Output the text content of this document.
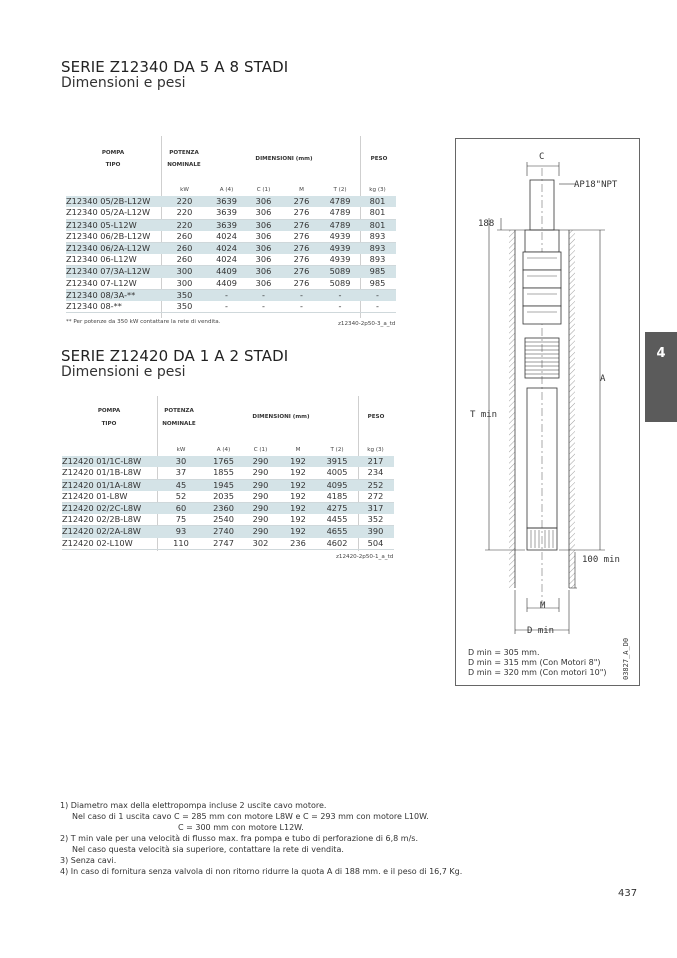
SERIE Z12340 DA 5 A 8 STADI
Dimensioni e pesi
POMPA
TIPO
POTENZA
NOMINALE
DIMENSIONI (mm)	PESO
	kW	A (4)	C (1)	M	T (2)	kg (3)
Z12340 05/2B-L12W	220	3639	306	276	4789	801
Z12340 05/2A-L12W	220	3639	306	276	4789	801
Z12340 05-L12W	220	3639	306	276	4789	801
Z12340 06/2B-L12W	260	4024	306	276	4939	893
Z12340 06/2A-L12W	260	4024	306	276	4939	893
Z12340 06-L12W	260	4024	306	276	4939	893
Z12340 07/3A-L12W	300	4409	306	276	5089	985
Z12340 07-L12W	300	4409	306	276	5089	985
Z12340 08/3A-**	350	-	-	-	-	-
Z12340 08-**	350	-	-	-	-	-
** Per potenze da 350 kW contattare la rete di vendita.	z12340-2p50-3_a_td
SERIE Z12420 DA 1 A 2 STADI
Dimensioni e pesi
POMPA
TIPO
POTENZA
NOMINALE
DIMENSIONI (mm)	PESO
	kW	A (4)	C (1)	M	T (2)	kg (3)
Z12420 01/1C-L8W	30	1765	290	192	3915	217
Z12420 01/1B-L8W	37	1855	290	192	4005	234
Z12420 01/1A-L8W	45	1945	290	192	4095	252
Z12420 01-L8W	52	2035	290	192	4185	272
Z12420 02/2C-L8W	60	2360	290	192	4275	317
Z12420 02/2B-L8W	75	2540	290	192	4455	352
Z12420 02/2A-L8W	93	2740	290	192	4655	390
Z12420 02-L10W	110	2747	302	236	4602	504
z12420-2p50-1_a_td
4
C
AP18"NPT
188
A
T min
100 min
M
D min
03827_A_D0
D min = 305 mm.
D min = 315 mm (Con Motori 8")
D min = 320 mm (Con motori 10")
1) Diametro max della elettropompa incluse 2 uscite cavo motore.
Nel caso di 1 uscita cavo C = 285 mm con motore L8W e C = 293 mm con motore L10W.
C = 300 mm con motore L12W.
2) T min vale per una velocità di flusso max. fra pompa e tubo di perforazione di 6,8 m/s.
Nel caso questa velocità sia superiore, contattare la rete di vendita.
3) Senza cavi.
4) In caso di fornitura senza valvola di non ritorno ridurre la quota A di 188 mm. e il peso di 16,7 Kg.
437
